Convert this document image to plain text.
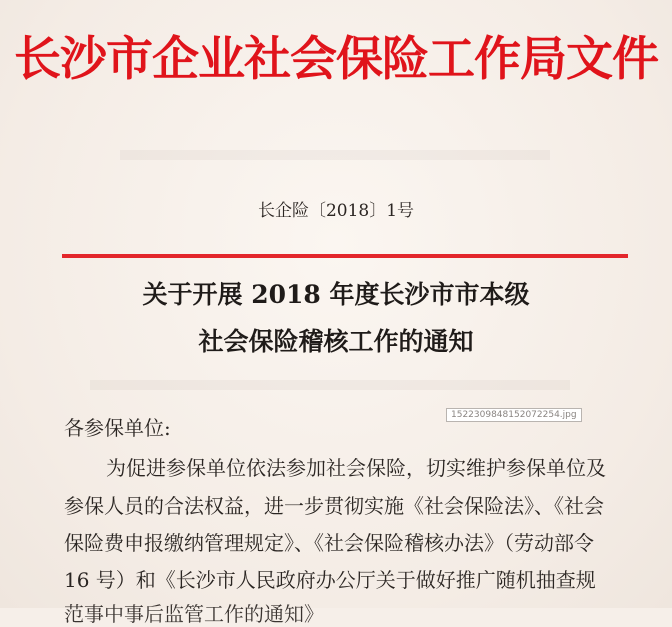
长沙市企业社会保险工作局文件
长企险〔2018〕1号
关于开展 2018 年度长沙市市本级
社会保险稽核工作的通知
各参保单位:
1522309848152072254.jpg
为促进参保单位依法参加社会保险，切实维护参保单位及
参保人员的合法权益，进一步贯彻实施《社会保险法》、《社会
保险费申报缴纳管理规定》、《社会保险稽核办法》（劳动部令
16 号）和《长沙市人民政府办公厅关于做好推广随机抽查规
范事中事后监管工作的通知》
